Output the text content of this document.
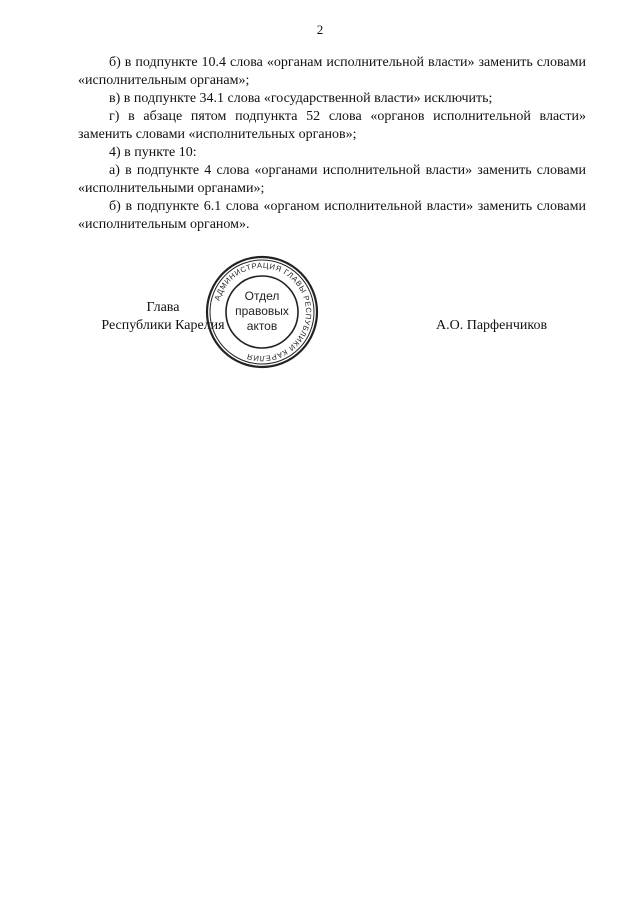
2

б) в подпункте 10.4 слова «органам исполнительной власти» заменить словами «исполнительным органам»;

в) в подпункте 34.1 слова «государственной власти» исключить;

г) в абзаце пятом подпункта 52 слова «органов исполнительной власти» заменить словами «исполнительных органов»;

4) в пункте 10:

а) в подпункте 4 слова «органами исполнительной власти» заменить словами «исполнительными органами»;

б) в подпункте 6.1 слова «органом исполнительной власти» заменить словами «исполнительным органом».

Глава
Республики Карелия
АДМИНИСТРАЦИЯ ГЛАВЫ РЕСПУБЛИКИ КАРЕЛИЯ
Отдел
правовых
актов	А.О. Парфенчиков
